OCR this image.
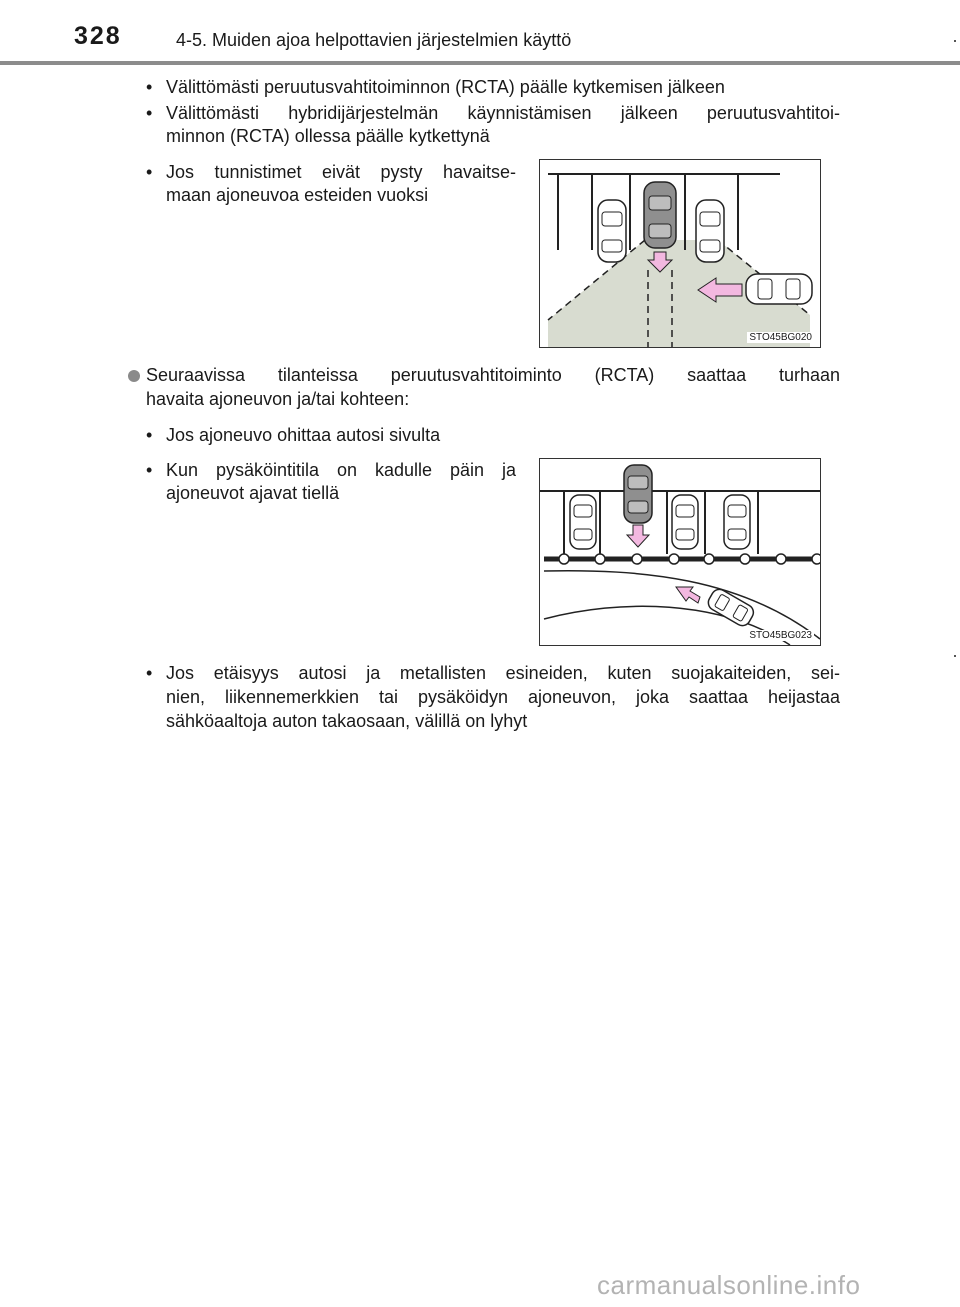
328	4-5. Muiden ajoa helpottavien järjestelmien käyttö
• Välittömästi peruutusvahtitoiminnon (RCTA) päälle kytkemisen jälkeen
• Välittömästi hybridijärjestelmän käynnistämisen jälkeen peruutusvahtitoi-
minnon (RCTA) ollessa päälle kytkettynä
• Jos tunnistimet eivät pysty havaitse-
maan ajoneuvoa esteiden vuoksi
STO45BG020
Seuraavissa tilanteissa peruutusvahtitoiminto (RCTA) saattaa turhaan
havaita ajoneuvon ja/tai kohteen:
• Jos ajoneuvo ohittaa autosi sivulta
• Kun pysäköintitila on kadulle päin ja
ajoneuvot ajavat tiellä
STO45BG023
• Jos etäisyys autosi ja metallisten esineiden, kuten suojakaiteiden, sei-
nien, liikennemerkkien tai pysäköidyn ajoneuvon, joka saattaa heijastaa
sähköaaltoja auton takaosaan, välillä on lyhyt
carmanualsonline.info
